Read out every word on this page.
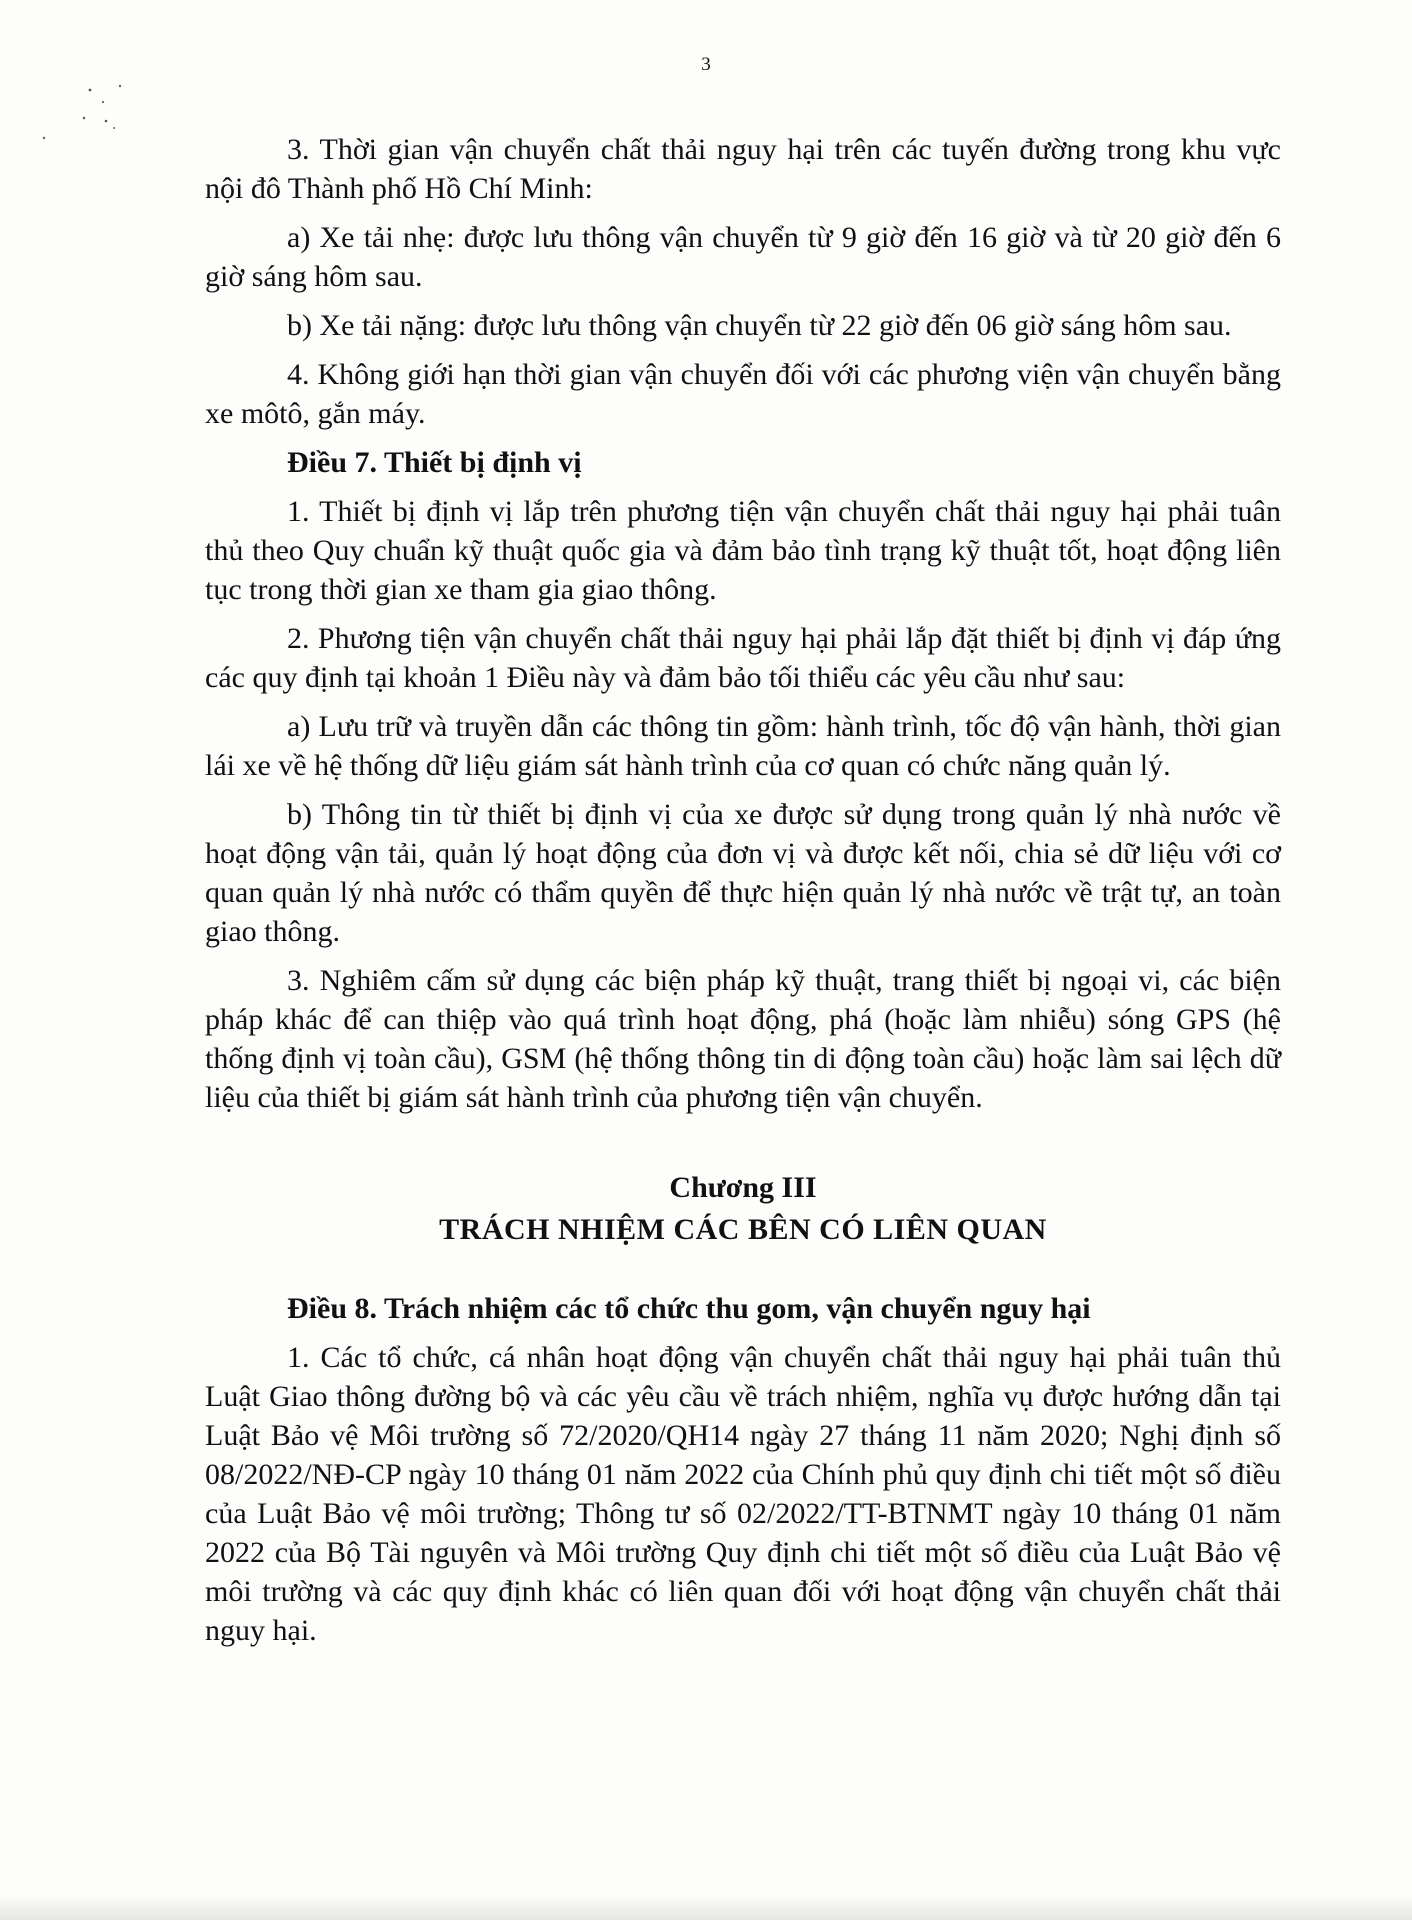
3

3. Thời gian vận chuyển chất thải nguy hại trên các tuyến đường trong khu vực nội đô Thành phố Hồ Chí Minh:

a) Xe tải nhẹ: được lưu thông vận chuyển từ 9 giờ đến 16 giờ và từ 20 giờ đến 6 giờ sáng hôm sau.

b) Xe tải nặng: được lưu thông vận chuyển từ 22 giờ đến 06 giờ sáng hôm sau.

4. Không giới hạn thời gian vận chuyển đối với các phương viện vận chuyển bằng xe môtô, gắn máy.

Điều 7. Thiết bị định vị

1. Thiết bị định vị lắp trên phương tiện vận chuyển chất thải nguy hại phải tuân thủ theo Quy chuẩn kỹ thuật quốc gia và đảm bảo tình trạng kỹ thuật tốt, hoạt động liên tục trong thời gian xe tham gia giao thông.

2. Phương tiện vận chuyển chất thải nguy hại phải lắp đặt thiết bị định vị đáp ứng các quy định tại khoản 1 Điều này và đảm bảo tối thiểu các yêu cầu như sau:

a) Lưu trữ và truyền dẫn các thông tin gồm: hành trình, tốc độ vận hành, thời gian lái xe về hệ thống dữ liệu giám sát hành trình của cơ quan có chức năng quản lý.

b) Thông tin từ thiết bị định vị của xe được sử dụng trong quản lý nhà nước về hoạt động vận tải, quản lý hoạt động của đơn vị và được kết nối, chia sẻ dữ liệu với cơ quan quản lý nhà nước có thẩm quyền để thực hiện quản lý nhà nước về trật tự, an toàn giao thông.

3. Nghiêm cấm sử dụng các biện pháp kỹ thuật, trang thiết bị ngoại vi, các biện pháp khác để can thiệp vào quá trình hoạt động, phá (hoặc làm nhiễu) sóng GPS (hệ thống định vị toàn cầu), GSM (hệ thống thông tin di động toàn cầu) hoặc làm sai lệch dữ liệu của thiết bị giám sát hành trình của phương tiện vận chuyển.

Chương III

TRÁCH NHIỆM CÁC BÊN CÓ LIÊN QUAN

Điều 8. Trách nhiệm các tổ chức thu gom, vận chuyển nguy hại

1. Các tổ chức, cá nhân hoạt động vận chuyển chất thải nguy hại phải tuân thủ Luật Giao thông đường bộ và các yêu cầu về trách nhiệm, nghĩa vụ được hướng dẫn tại Luật Bảo vệ Môi trường số 72/2020/QH14 ngày 27 tháng 11 năm 2020; Nghị định số 08/2022/NĐ-CP ngày 10 tháng 01 năm 2022 của Chính phủ quy định chi tiết một số điều của Luật Bảo vệ môi trường; Thông tư số 02/2022/TT-BTNMT ngày 10 tháng 01 năm 2022 của Bộ Tài nguyên và Môi trường Quy định chi tiết một số điều của Luật Bảo vệ môi trường và các quy định khác có liên quan đối với hoạt động vận chuyển chất thải nguy hại.
